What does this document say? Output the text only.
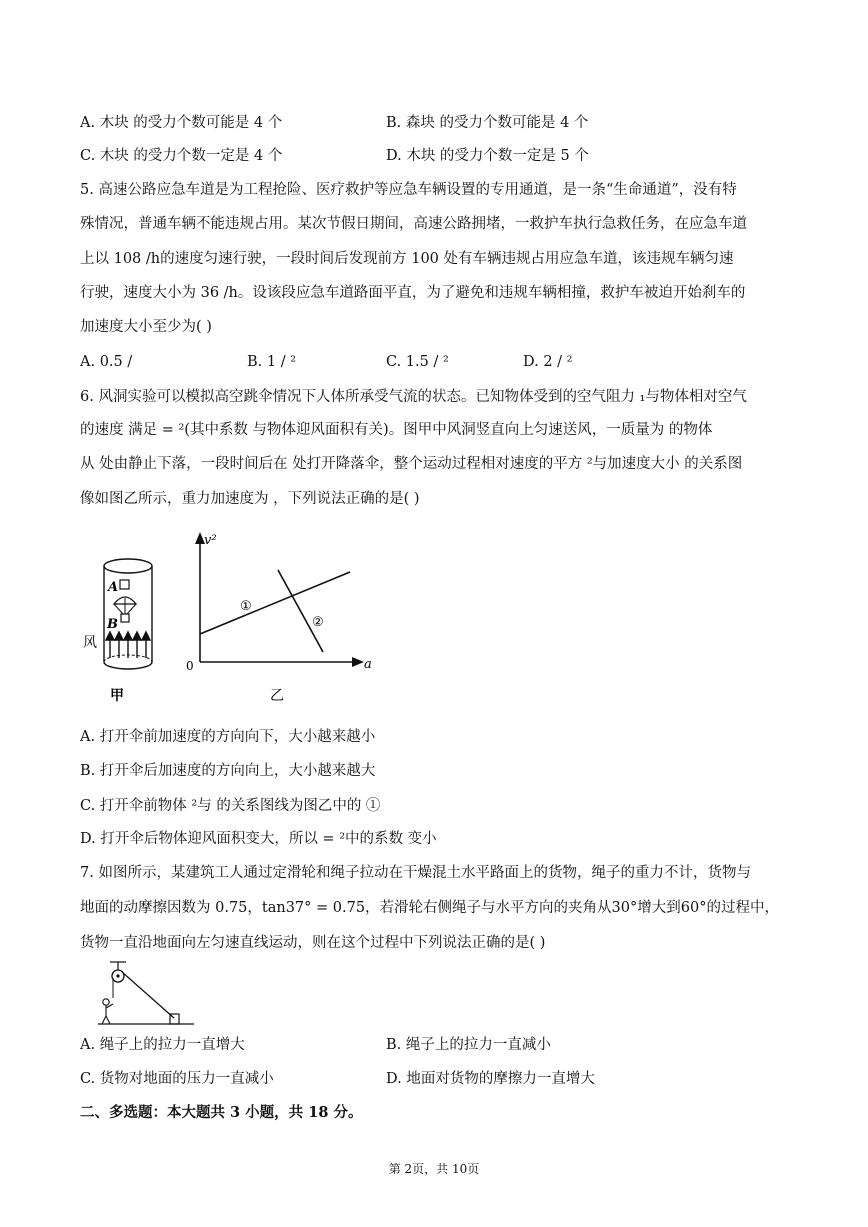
A. 木块 的受力个数可能是 4 个	B. 森块 的受力个数可能是 4 个
C. 木块 的受力个数一定是 4 个	D. 木块 的受力个数一定是 5 个
5. 高速公路应急车道是为工程抢险、医疗救护等应急车辆设置的专用通道，是一条“生命通道”，没有特
殊情况，普通车辆不能违规占用。某次节假日期间，高速公路拥堵，一救护车执行急救任务，在应急车道
上以 108 /h的速度匀速行驶，一段时间后发现前方 100 处有车辆违规占用应急车道，该违规车辆匀速
行驶，速度大小为 36 /h。设该段应急车道路面平直，为了避免和违规车辆相撞，救护车被迫开始刹车的
加速度大小至少为( )
A. 0.5 /	B. 1 / ²	C. 1.5 / ²	D. 2 / ²
6. 风洞实验可以模拟高空跳伞情况下人体所承受气流的状态。已知物体受到的空气阻力 ₁与物体相对空气
的速度 满足 = ²(其中系数 与物体迎风面积有关)。图甲中风洞竖直向上匀速送风，一质量为 的物体
从 处由静止下落，一段时间后在 处打开降落伞，整个运动过程相对速度的平方 ²与加速度大小 的关系图
像如图乙所示，重力加速度为 ，下列说法正确的是( )
A
B
风
甲
v²
a
0
①
②
乙
A. 打开伞前加速度的方向向下，大小越来越小
B. 打开伞后加速度的方向向上，大小越来越大
C. 打开伞前物体 ²与 的关系图线为图乙中的 ①
D. 打开伞后物体迎风面积变大，所以 = ²中的系数 变小
7. 如图所示，某建筑工人通过定滑轮和绳子拉动在干燥混土水平路面上的货物，绳子的重力不计，货物与
地面的动摩擦因数为 0.75，tan37° = 0.75，若滑轮右侧绳子与水平方向的夹角从30°增大到60°的过程中，
货物一直沿地面向左匀速直线运动，则在这个过程中下列说法正确的是( )
A. 绳子上的拉力一直增大	B. 绳子上的拉力一直减小
C. 货物对地面的压力一直减小	D. 地面对货物的摩擦力一直增大
二、多选题：本大题共 3 小题，共 18 分。
第 2页，共 10页
